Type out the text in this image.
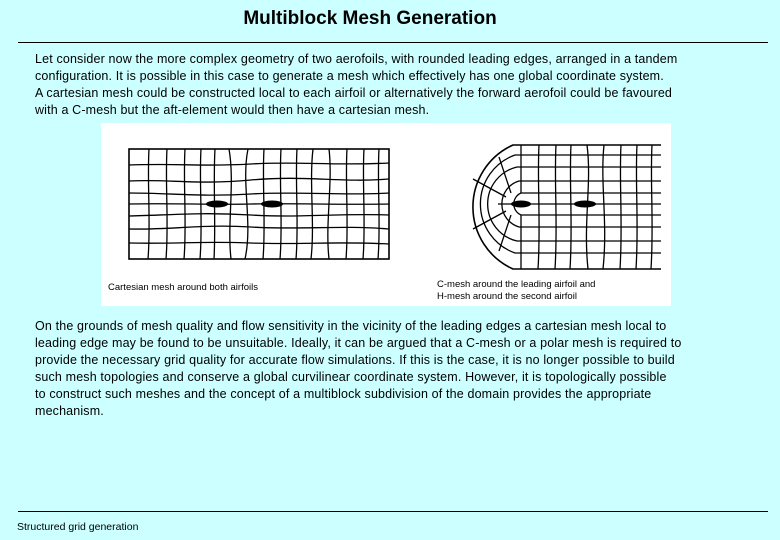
Multiblock Mesh Generation
Let consider now the more complex geometry of two aerofoils, with rounded leading edges, arranged in a tandem
configuration. It is possible in this case to generate a mesh which effectively has one global coordinate system.
A cartesian mesh could be constructed local to each airfoil or alternatively the forward aerofoil could be favoured
with a C-mesh but the aft-element would then have a cartesian mesh.
Cartesian mesh around both airfoils	C-mesh around the leading airfoil and
H-mesh around the second airfoil
On the grounds of mesh quality and flow sensitivity in the vicinity of the leading edges a cartesian mesh local to
leading edge may be found to be unsuitable. Ideally, it can be argued that a C-mesh or a polar mesh is required to
provide the necessary grid quality for accurate flow simulations. If this is the case, it is no longer possible to build
such mesh topologies and conserve a global curvilinear coordinate system. However, it is topologically possible
to construct such meshes and the concept of a multiblock subdivision of the domain provides the appropriate
mechanism.
Structured grid generation
